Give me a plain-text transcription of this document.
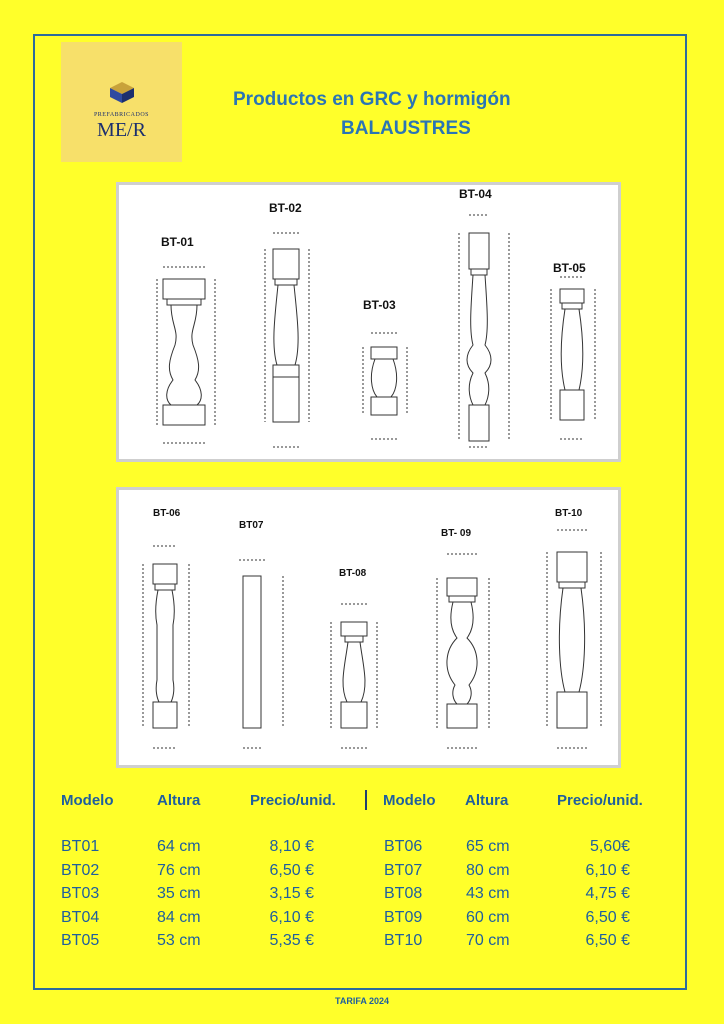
PREFABRICADOS
ME/R
Productos en GRC y hormigón
BALAUSTRES
BT-01
BT-02
BT-03
BT-04
BT-05
BT-06
BT07
BT-08
BT- 09
BT-10
Modelo	Altura	Precio/unid.	Modelo Altura	Precio/unid.
BT01	64 cm	8,10 €
BT02	76 cm	6,50 €
BT03	35 cm	3,15 €
BT04	84 cm	6,10 €
BT05	53 cm	5,35 €
BT06	65 cm	5,60€
BT07	80 cm	6,10 €
BT08	43 cm	4,75 €
BT09	60 cm	6,50 €
BT10	70 cm	6,50 €
TARIFA 2024
